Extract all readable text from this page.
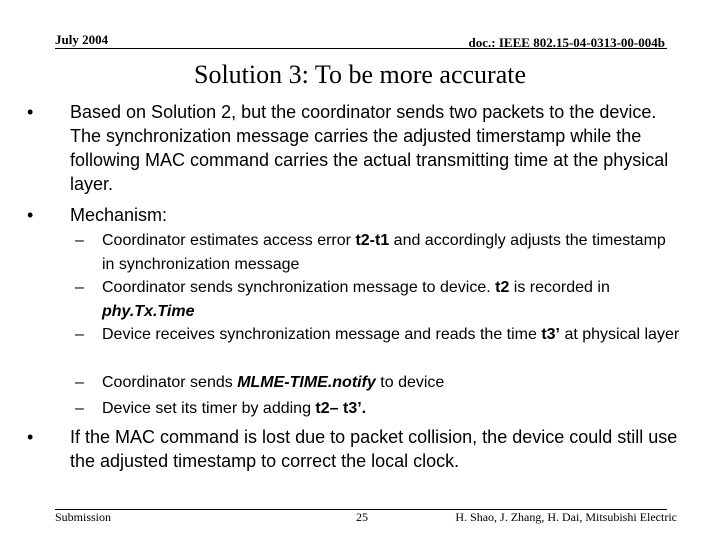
July 2004	doc.: IEEE 802.15-04-0313-00-004b
Solution 3: To be more accurate
•	Based on Solution 2, but the coordinator sends two packets to the device. The synchronization message carries the adjusted timerstamp while the following MAC command carries the actual transmitting time at the physical layer.
•	Mechanism:
– Coordinator estimates access error t2-t1 and accordingly adjusts the timestamp in synchronization message
– Coordinator sends synchronization message to device. t2 is recorded in phy.Tx.Time
– Device receives synchronization message and reads the time t3’ at physical layer
– Coordinator sends MLME-TIME.notify to device
– Device set its timer by adding t2– t3’.
•	If the MAC command is lost due to packet collision, the device could still use the adjusted timestamp to correct the local clock.
Submission	25	H. Shao, J. Zhang, H. Dai, Mitsubishi Electric
